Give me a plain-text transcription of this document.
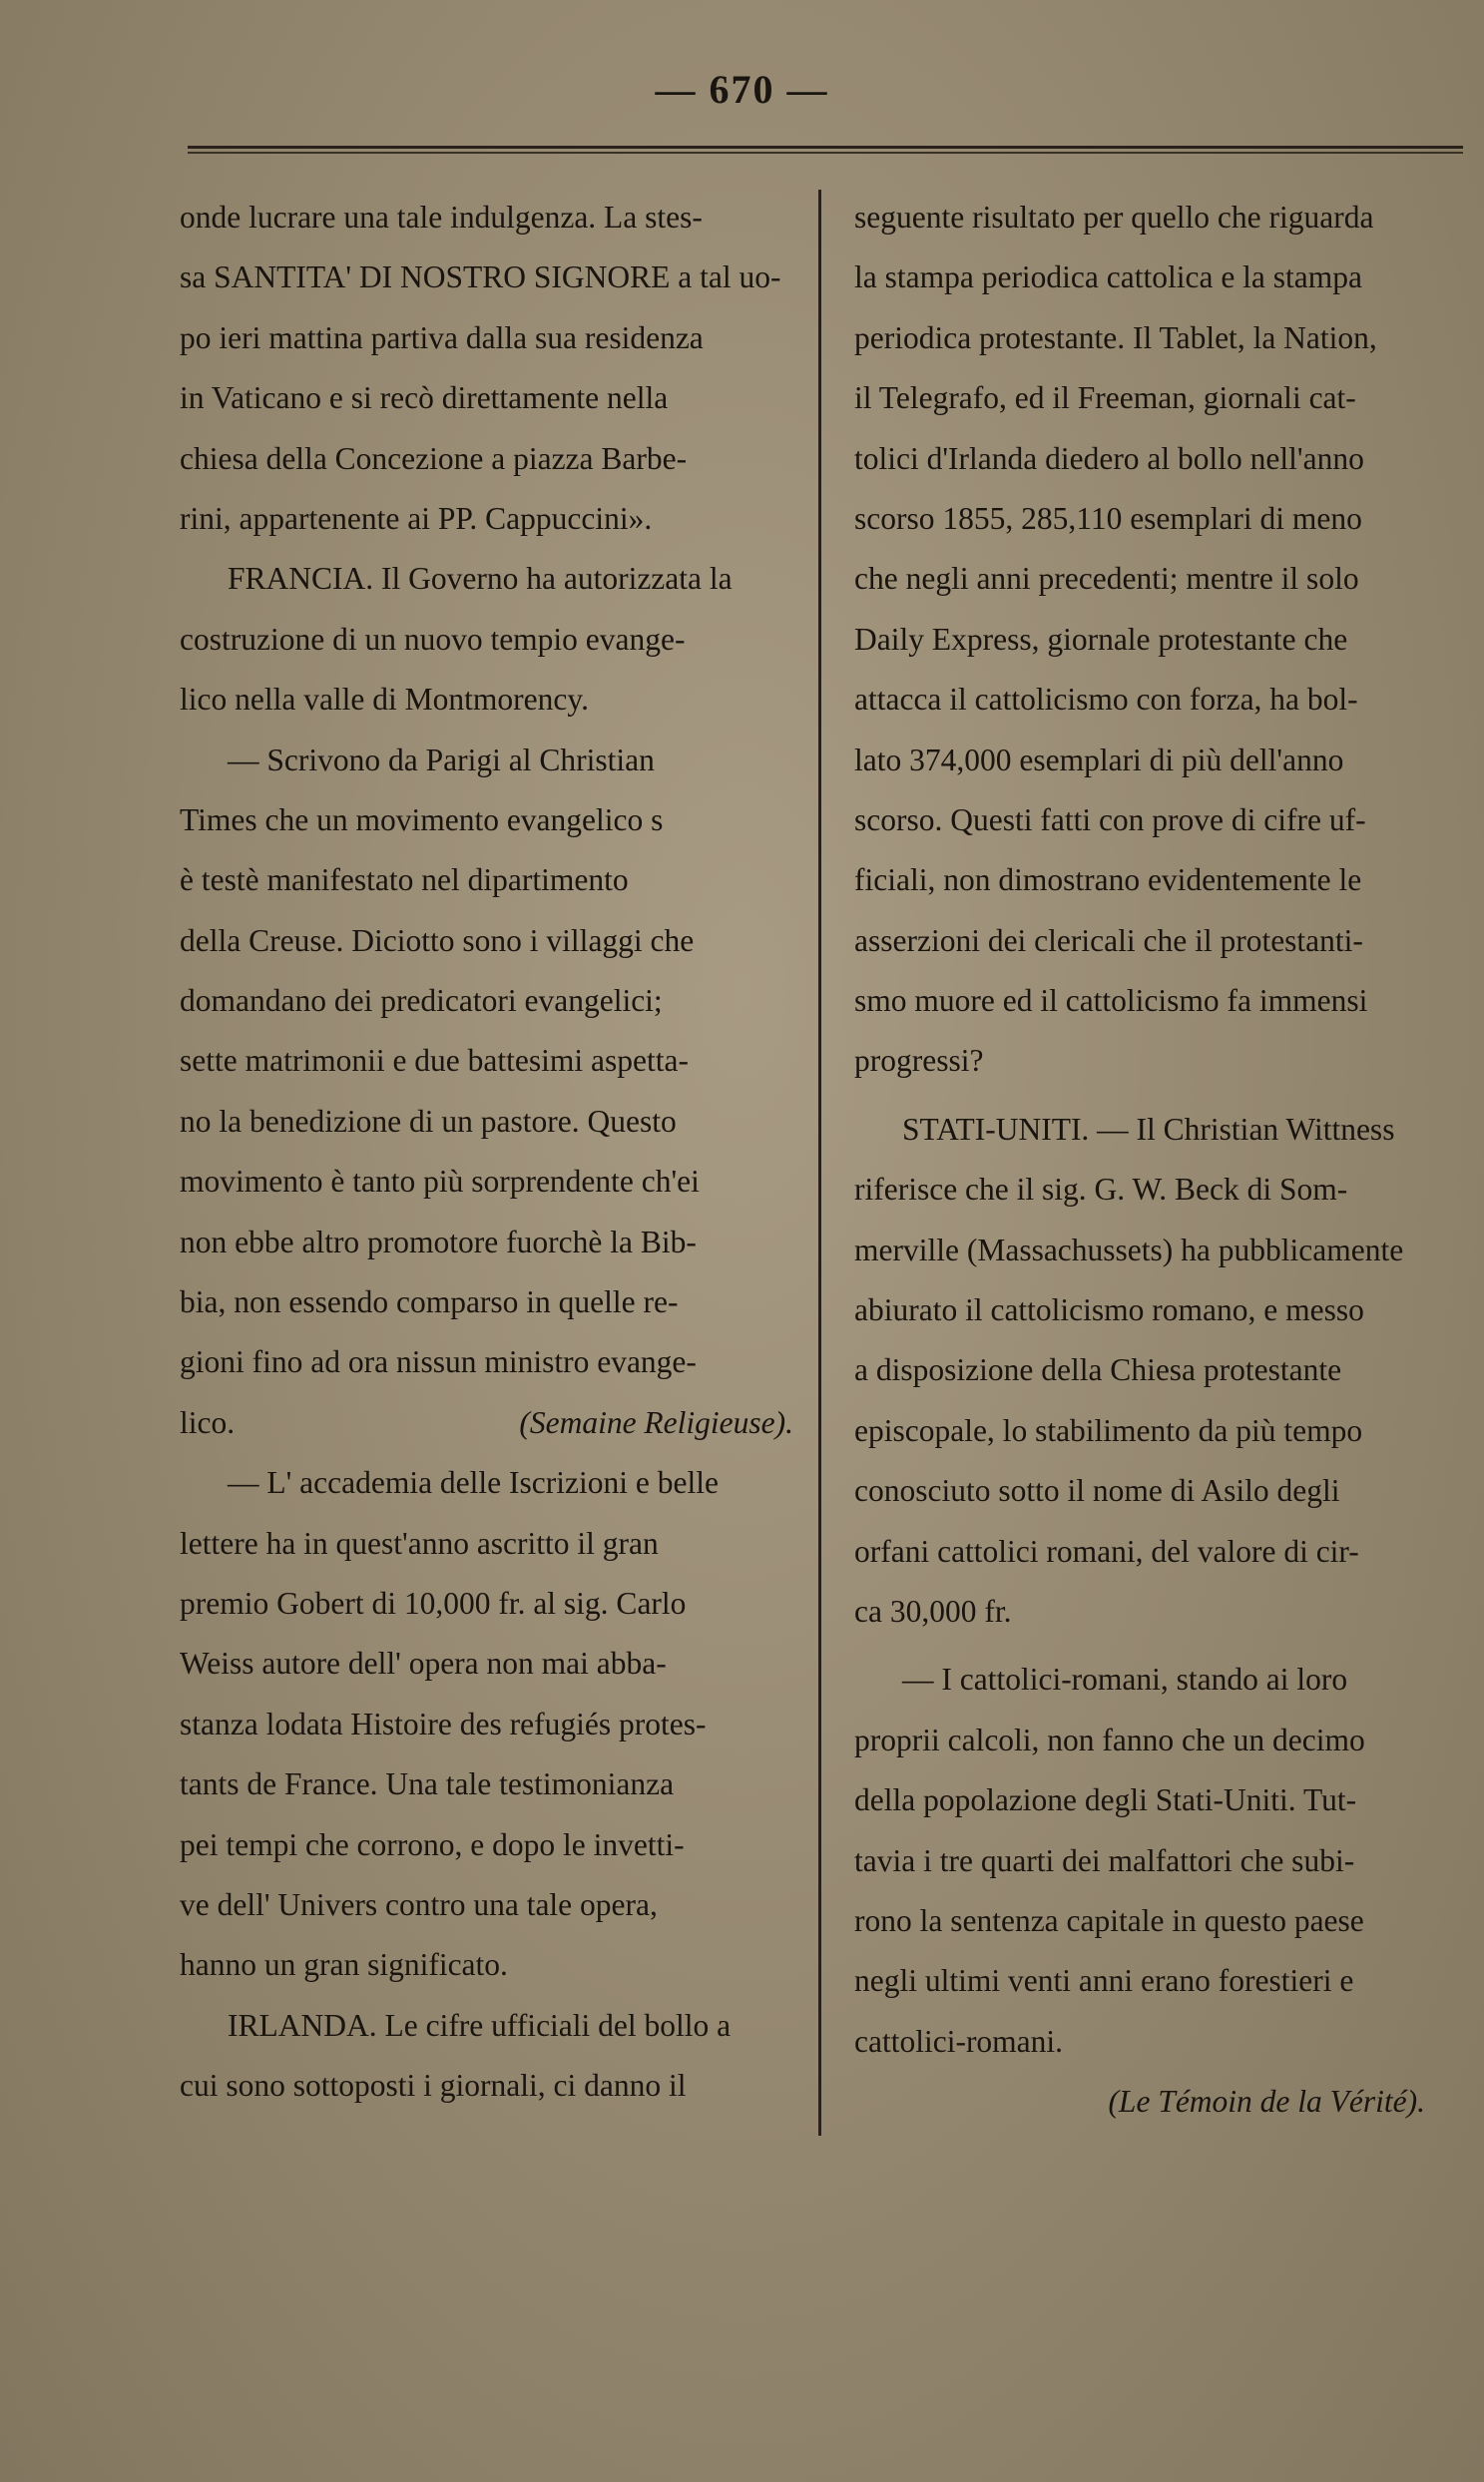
— 670 —
onde lucrare una tale indulgenza. La stes-
sa SANTITA' DI NOSTRO SIGNORE a tal uo-
po ieri mattina partiva dalla sua residenza
in Vaticano e si recò direttamente nella
chiesa della Concezione a piazza Barbe-
rini, appartenente ai PP. Cappuccini».
FRANCIA. Il Governo ha autorizzata la
costruzione di un nuovo tempio evange-
lico nella valle di Montmorency.
— Scrivono da Parigi al Christian
Times che un movimento evangelico s
è testè manifestato nel dipartimento
della Creuse. Diciotto sono i villaggi che
domandano dei predicatori evangelici;
sette matrimonii e due battesimi aspetta-
no la benedizione di un pastore. Questo
movimento è tanto più sorprendente ch'ei
non ebbe altro promotore fuorchè la Bib-
bia, non essendo comparso in quelle re-
gioni fino ad ora nissun ministro evange-
lico.	(Semaine Religieuse).
— L' accademia delle Iscrizioni e belle
lettere ha in quest'anno ascritto il gran
premio Gobert di 10,000 fr. al sig. Carlo
Weiss autore dell' opera non mai abba-
stanza lodata Histoire des refugiés protes-
tants de France. Una tale testimonianza
pei tempi che corrono, e dopo le invetti-
ve dell' Univers contro una tale opera,
hanno un gran significato.
IRLANDA. Le cifre ufficiali del bollo a
cui sono sottoposti i giornali, ci danno il
seguente risultato per quello che riguarda
la stampa periodica cattolica e la stampa
periodica protestante. Il Tablet, la Nation,
il Telegrafo, ed il Freeman, giornali cat-
tolici d'Irlanda diedero al bollo nell'anno
scorso 1855, 285,110 esemplari di meno
che negli anni precedenti; mentre il solo
Daily Express, giornale protestante che
attacca il cattolicismo con forza, ha bol-
lato 374,000 esemplari di più dell'anno
scorso. Questi fatti con prove di cifre uf-
ficiali, non dimostrano evidentemente le
asserzioni dei clericali che il protestanti-
smo muore ed il cattolicismo fa immensi
progressi?
STATI-UNITI. — Il Christian Wittness
riferisce che il sig. G. W. Beck di Som-
merville (Massachussets) ha pubblicamente
abiurato il cattolicismo romano, e messo
a disposizione della Chiesa protestante
episcopale, lo stabilimento da più tempo
conosciuto sotto il nome di Asilo degli
orfani cattolici romani, del valore di cir-
ca 30,000 fr.
— I cattolici-romani, stando ai loro
proprii calcoli, non fanno che un decimo
della popolazione degli Stati-Uniti. Tut-
tavia i tre quarti dei malfattori che subi-
rono la sentenza capitale in questo paese
negli ultimi venti anni erano forestieri e
cattolici-romani.
(Le Témoin de la Vérité).
